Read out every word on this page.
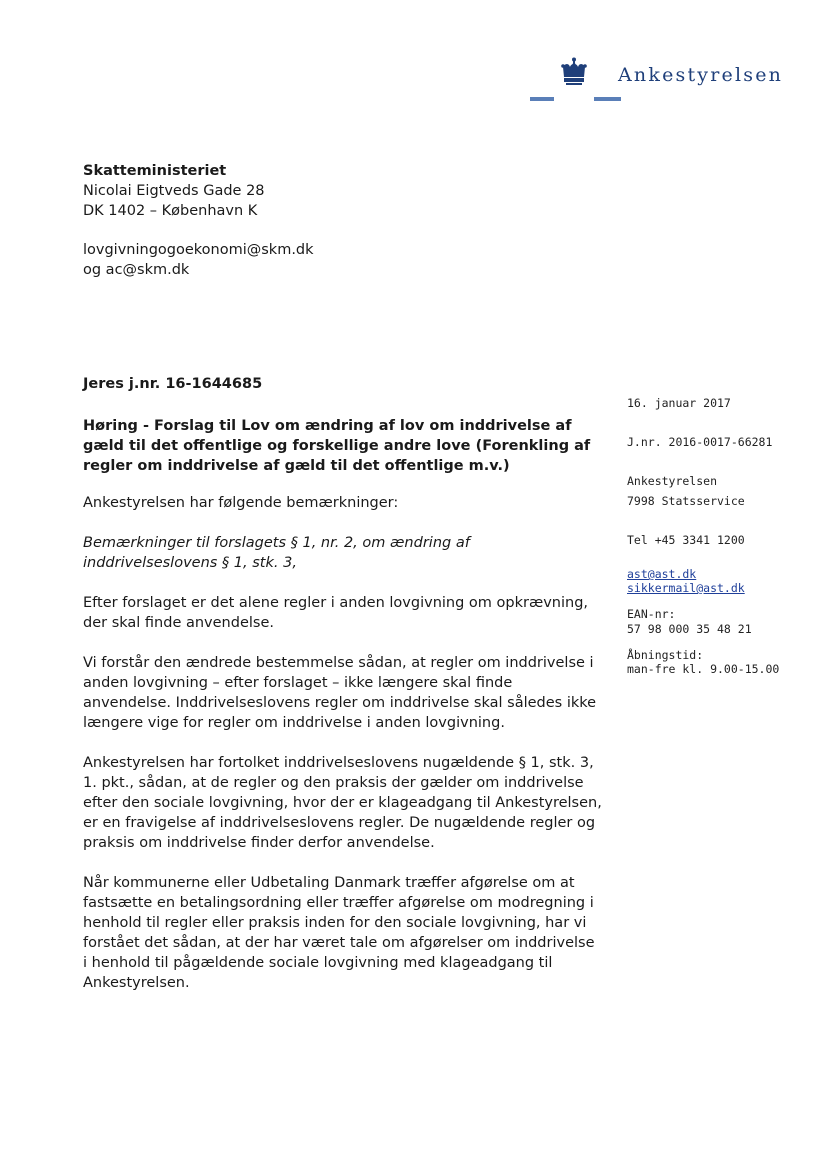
Ankestyrelsen
Skatteministeriet
Nicolai Eigtveds Gade 28
DK 1402 – København K
lovgivningogoekonomi@skm.dk
og ac@skm.dk
Jeres j.nr. 16-1644685
Høring - Forslag til Lov om ændring af lov om inddrivelse af gæld til det offentlige og forskellige andre love (Forenkling af regler om inddrivelse af gæld til det offentlige m.v.)

Ankestyrelsen har følgende bemærkninger:

Bemærkninger til forslagets § 1, nr. 2, om ændring af inddrivelseslovens § 1, stk. 3,

Efter forslaget er det alene regler i anden lovgivning om opkrævning, der skal finde anvendelse.

Vi forstår den ændrede bestemmelse sådan, at regler om inddrivelse i anden lovgivning – efter forslaget – ikke længere skal finde anvendelse. Inddrivelseslovens regler om inddrivelse skal således ikke længere vige for regler om inddrivelse i anden lovgivning.

Ankestyrelsen har fortolket inddrivelseslovens nugældende § 1, stk. 3, 1. pkt., sådan, at de regler og den praksis der gælder om inddrivelse efter den sociale lovgivning, hvor der er klageadgang til Ankestyrelsen, er en fravigelse af inddrivelseslovens regler. De nugældende regler og praksis om inddrivelse finder derfor anvendelse.

Når kommunerne eller Udbetaling Danmark træffer afgørelse om at fastsætte en betalingsordning eller træffer afgørelse om modregning i henhold til regler eller praksis inden for den sociale lovgivning, har vi forstået det sådan, at der har været tale om afgørelser om inddrivelse i henhold til pågældende sociale lovgivning med klageadgang til Ankestyrelsen.

16. januar 2017
J.nr. 2016-0017-66281
Ankestyrelsen
7998 Statsservice
Tel +45 3341 1200
ast@ast.dk
sikkermail@ast.dk
EAN-nr:
57 98 000 35 48 21
Åbningstid:
man-fre kl. 9.00-15.00
